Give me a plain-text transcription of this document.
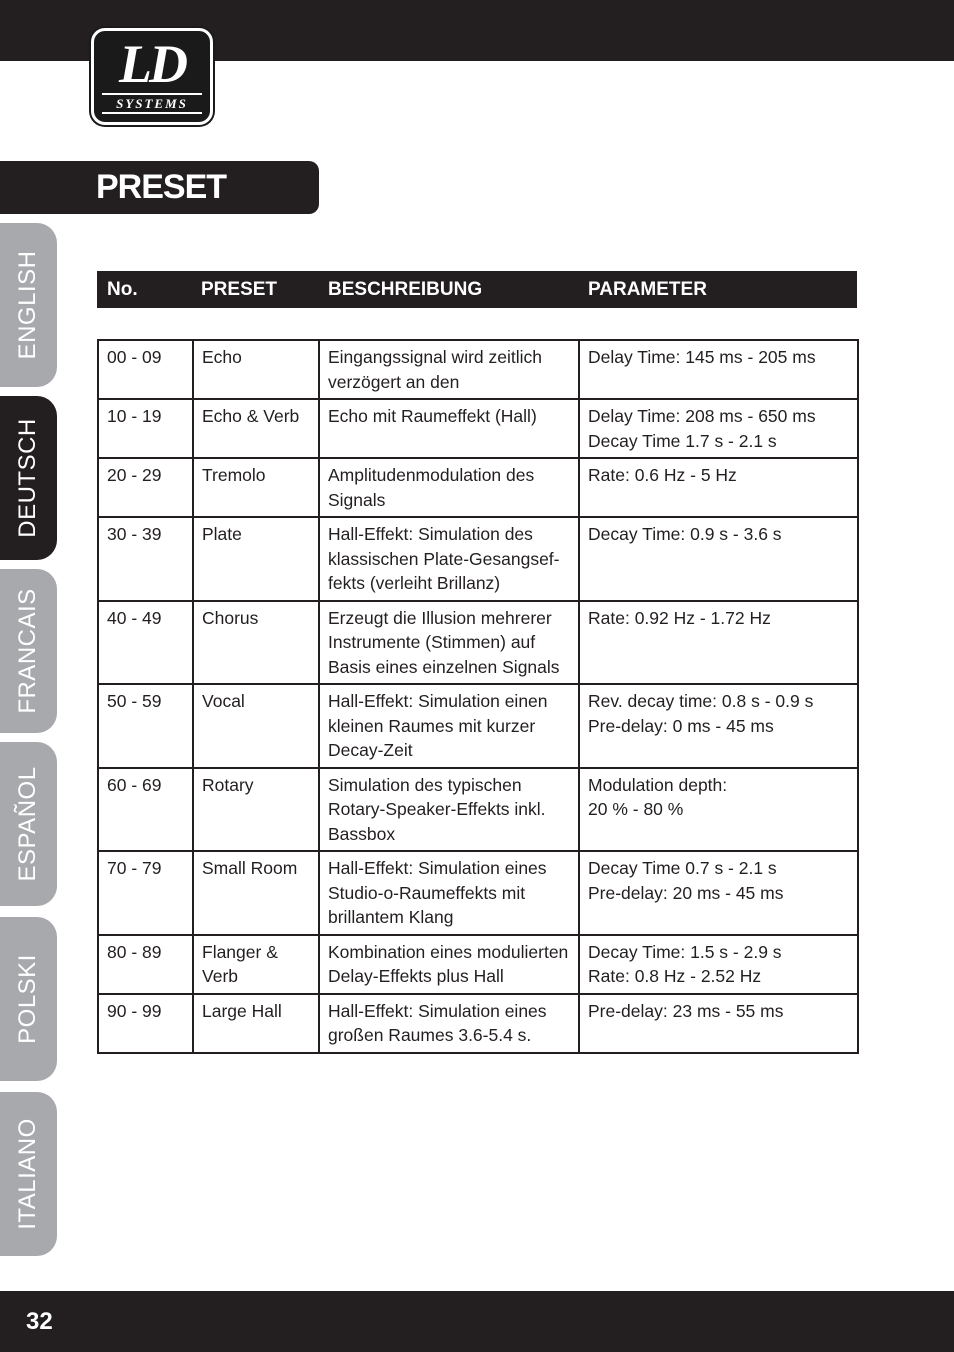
LD
SYSTEMS
PRESET LISTE:
ENGLISH
DEUTSCH
FRANCAIS
ESPAÑOL
POLSKI
ITALIANO
No.	PRESET	BESCHREIBUNG	PARAMETER
00 - 09	Echo	Eingangssignal wird zeitlich verzögert an den	Delay Time: 145 ms - 205 ms
10 - 19	Echo & Verb	Echo mit Raumeffekt (Hall)	Delay Time: 208 ms - 650 ms
Decay Time 1.7 s - 2.1 s
20 - 29	Tremolo	Amplitudenmodulation des Signals	Rate: 0.6 Hz - 5 Hz
30 - 39	Plate	Hall-Effekt: Simulation des klassischen Plate-Gesangsef-fekts (verleiht Brillanz)	Decay Time: 0.9 s - 3.6 s
40 - 49	Chorus	Erzeugt die Illusion mehrerer Instrumente (Stimmen) auf Basis eines einzelnen Signals	Rate: 0.92 Hz - 1.72 Hz
50 - 59	Vocal	Hall-Effekt: Simulation einen kleinen Raumes mit kurzer Decay-Zeit	Rev. decay time: 0.8 s - 0.9 s
Pre-delay: 0 ms - 45 ms
60 - 69	Rotary	Simulation des typischen Rotary-Speaker-Effekts inkl. Bassbox	Modulation depth:
20 % - 80 %
70 - 79	Small Room	Hall-Effekt: Simulation eines Studio-o-Raumeffekts mit brillantem Klang	Decay Time 0.7 s - 2.1 s
Pre-delay: 20 ms - 45 ms
80 - 89	Flanger & Verb	Kombination eines modulierten Delay-Effekts plus Hall	Decay Time: 1.5 s - 2.9 s
Rate: 0.8 Hz - 2.52 Hz
90 - 99	Large Hall	Hall-Effekt: Simulation eines großen Raumes 3.6-5.4 s.	Pre-delay: 23 ms - 55 ms
32
